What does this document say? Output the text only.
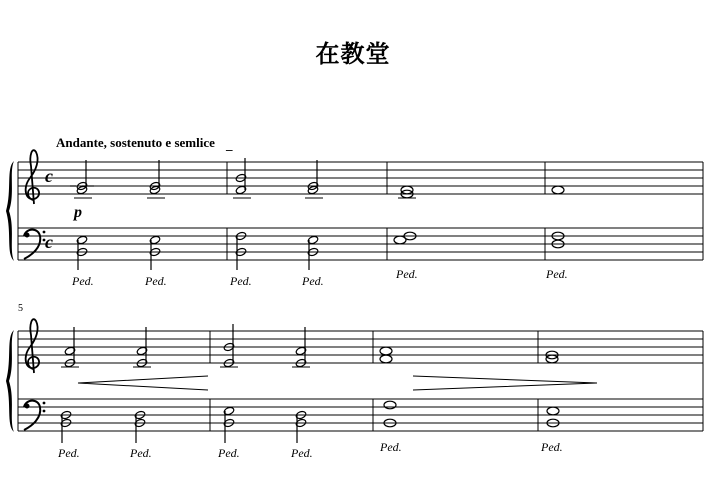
在教堂
Andante, sostenuto e semlice _
5
c
c
p
Ped.	Ped.	Ped.	Ped.	Ped.	Ped.
Ped.	Ped.	Ped.	Ped.	Ped.	Ped.
